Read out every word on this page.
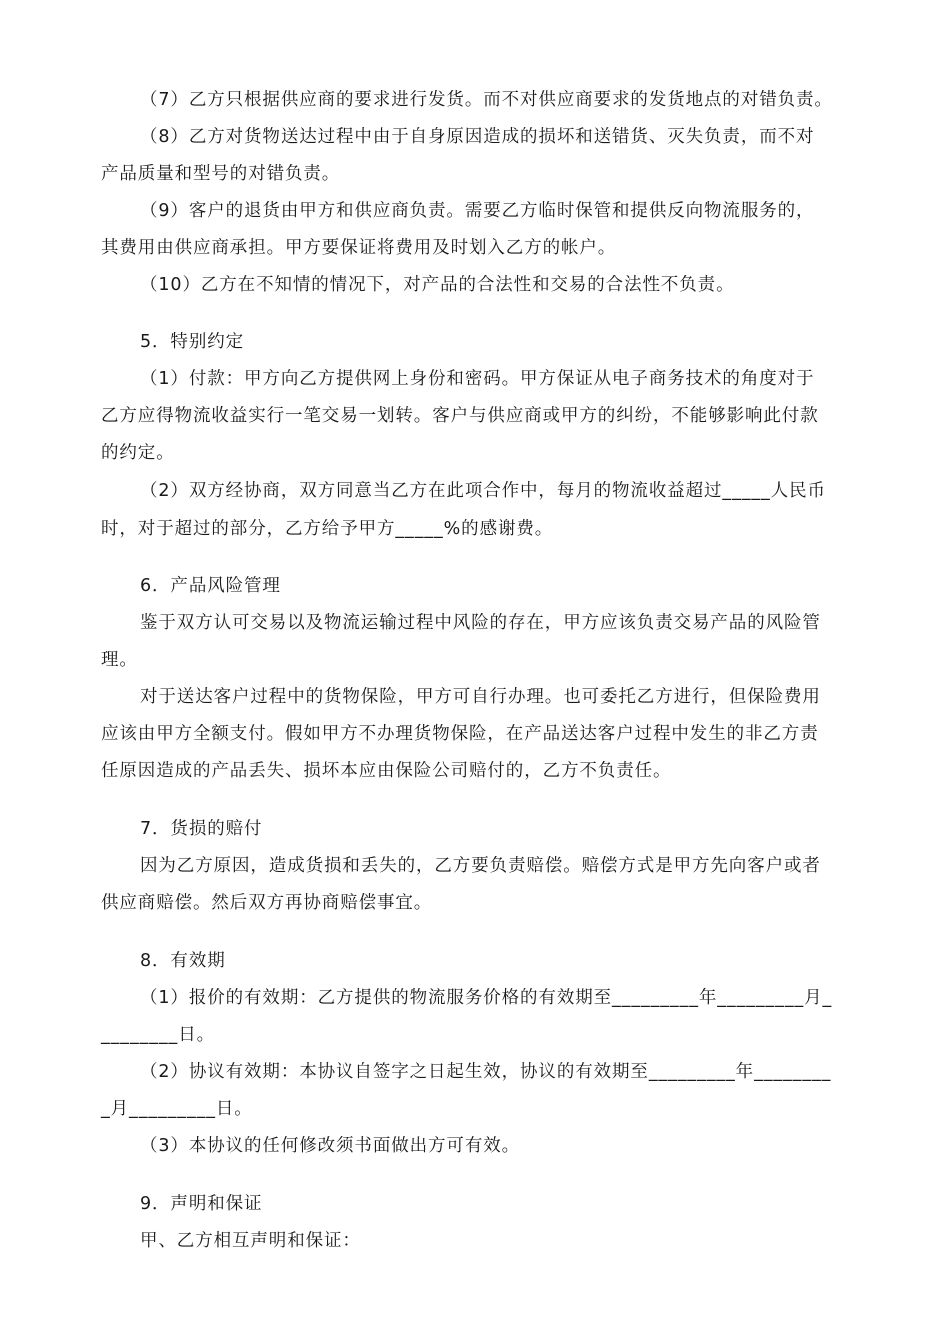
（7）乙方只根据供应商的要求进行发货。而不对供应商要求的发货地点的对错负责。
（8）乙方对货物送达过程中由于自身原因造成的损坏和送错货、灭失负责，而不对
产品质量和型号的对错负责。
（9）客户的退货由甲方和供应商负责。需要乙方临时保管和提供反向物流服务的，
其费用由供应商承担。甲方要保证将费用及时划入乙方的帐户。
（10）乙方在不知情的情况下，对产品的合法性和交易的合法性不负责。
5．特别约定
（1）付款：甲方向乙方提供网上身份和密码。甲方保证从电子商务技术的角度对于
乙方应得物流收益实行一笔交易一划转。客户与供应商或甲方的纠纷，不能够影响此付款
的约定。
（2）双方经协商，双方同意当乙方在此项合作中，每月的物流收益超过_____人民币
时，对于超过的部分，乙方给予甲方_____%的感谢费。
6．产品风险管理
鉴于双方认可交易以及物流运输过程中风险的存在，甲方应该负责交易产品的风险管
理。
对于送达客户过程中的货物保险，甲方可自行办理。也可委托乙方进行，但保险费用
应该由甲方全额支付。假如甲方不办理货物保险，在产品送达客户过程中发生的非乙方责
任原因造成的产品丢失、损坏本应由保险公司赔付的，乙方不负责任。
7．货损的赔付
因为乙方原因，造成货损和丢失的，乙方要负责赔偿。赔偿方式是甲方先向客户或者
供应商赔偿。然后双方再协商赔偿事宜。
8．有效期
（1）报价的有效期：乙方提供的物流服务价格的有效期至_________年_________月_
________日。
（2）协议有效期：本协议自签字之日起生效，协议的有效期至_________年________
_月_________日。
（3）本协议的任何修改须书面做出方可有效。
9．声明和保证
甲、乙方相互声明和保证：
